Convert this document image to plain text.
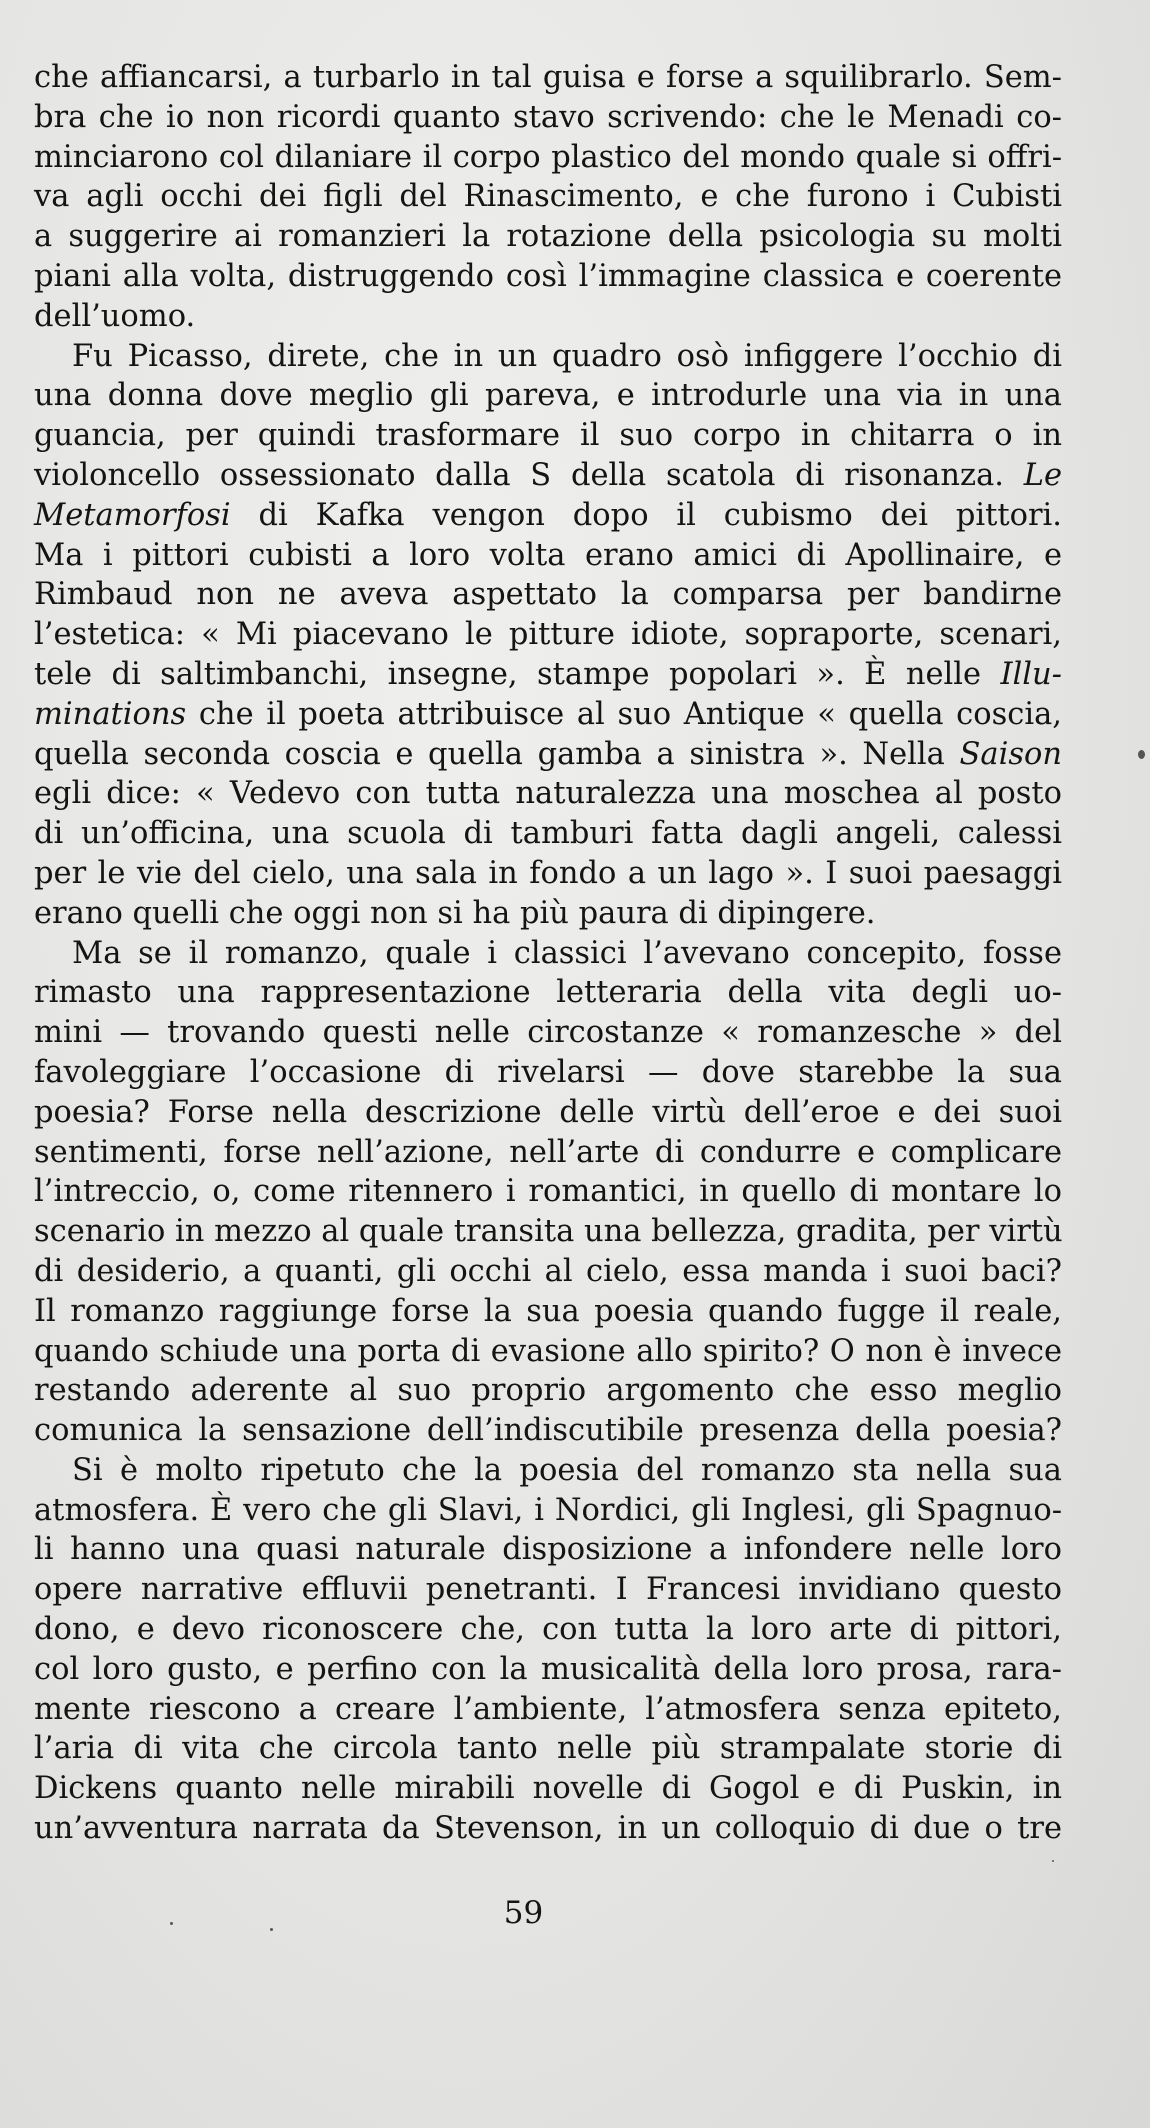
che affiancarsi, a turbarlo in tal guisa e forse a squilibrarlo. Sem-
bra che io non ricordi quanto stavo scrivendo: che le Menadi co-
minciarono col dilaniare il corpo plastico del mondo quale si offri-
va agli occhi dei figli del Rinascimento, e che furono i Cubisti
a suggerire ai romanzieri la rotazione della psicologia su molti
piani alla volta, distruggendo così l’immagine classica e coerente
dell’uomo.
Fu Picasso, direte, che in un quadro osò infiggere l’occhio di
una donna dove meglio gli pareva, e introdurle una via in una
guancia, per quindi trasformare il suo corpo in chitarra o in
violoncello ossessionato dalla S della scatola di risonanza. Le
Metamorfosi di Kafka vengon dopo il cubismo dei pittori.
Ma i pittori cubisti a loro volta erano amici di Apollinaire, e
Rimbaud non ne aveva aspettato la comparsa per bandirne
l’estetica: « Mi piacevano le pitture idiote, sopraporte, scenari,
tele di saltimbanchi, insegne, stampe popolari ». È nelle Illu-
minations che il poeta attribuisce al suo Antique « quella coscia,
quella seconda coscia e quella gamba a sinistra ». Nella Saison
egli dice: « Vedevo con tutta naturalezza una moschea al posto
di un’officina, una scuola di tamburi fatta dagli angeli, calessi
per le vie del cielo, una sala in fondo a un lago ». I suoi paesaggi
erano quelli che oggi non si ha più paura di dipingere.
Ma se il romanzo, quale i classici l’avevano concepito, fosse
rimasto una rappresentazione letteraria della vita degli uo-
mini — trovando questi nelle circostanze « romanzesche » del
favoleggiare l’occasione di rivelarsi — dove starebbe la sua
poesia? Forse nella descrizione delle virtù dell’eroe e dei suoi
sentimenti, forse nell’azione, nell’arte di condurre e complicare
l’intreccio, o, come ritennero i romantici, in quello di montare lo
scenario in mezzo al quale transita una bellezza, gradita, per virtù
di desiderio, a quanti, gli occhi al cielo, essa manda i suoi baci?
Il romanzo raggiunge forse la sua poesia quando fugge il reale,
quando schiude una porta di evasione allo spirito? O non è invece
restando aderente al suo proprio argomento che esso meglio
comunica la sensazione dell’indiscutibile presenza della poesia?
Si è molto ripetuto che la poesia del romanzo sta nella sua
atmosfera. È vero che gli Slavi, i Nordici, gli Inglesi, gli Spagnuo-
li hanno una quasi naturale disposizione a infondere nelle loro
opere narrative effluvii penetranti. I Francesi invidiano questo
dono, e devo riconoscere che, con tutta la loro arte di pittori,
col loro gusto, e perfino con la musicalità della loro prosa, rara-
mente riescono a creare l’ambiente, l’atmosfera senza epiteto,
l’aria di vita che circola tanto nelle più strampalate storie di
Dickens quanto nelle mirabili novelle di Gogol e di Puskin, in
un’avventura narrata da Stevenson, in un colloquio di due o tre
59
